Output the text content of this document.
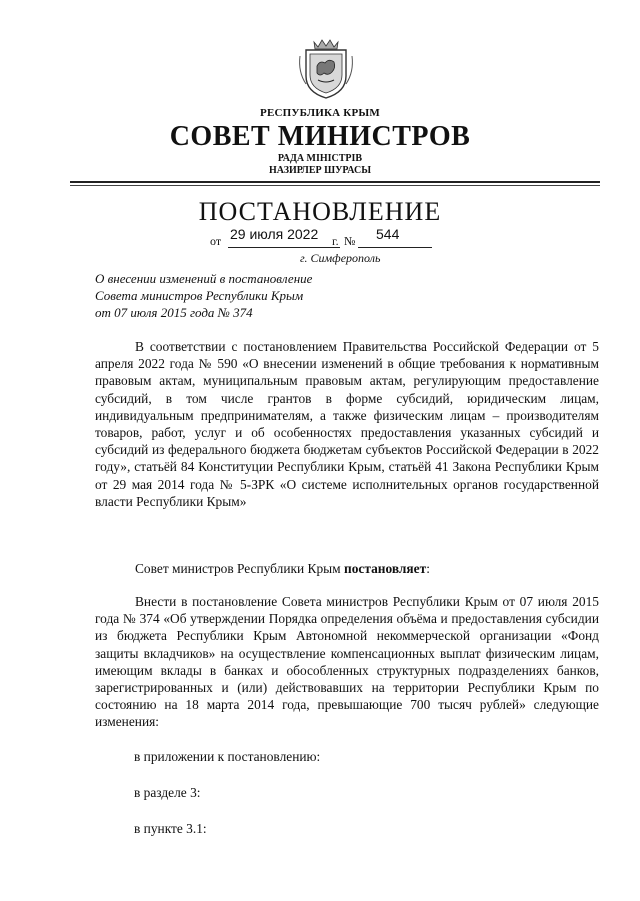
РЕСПУБЛИКА КРЫМ
СОВЕТ МИНИСТРОВ
РАДА МІНІСТРІВ
НАЗИРЛЕР ШУРАСЫ
ПОСТАНОВЛЕНИЕ
от 29 июля 2022 г. № 544
г. Симферополь
О внесении изменений в постановление
Совета министров Республики Крым
от 07 июля 2015 года № 374
В соответствии с постановлением Правительства Российской Федерации от 5 апреля 2022 года № 590 «О внесении изменений в общие требования к нормативным правовым актам, муниципальным правовым актам, регулирующим предоставление субсидий, в том числе грантов в форме субсидий, юридическим лицам, индивидуальным предпринимателям, а также физическим лицам – производителям товаров, работ, услуг и об особенностях предоставления указанных субсидий и субсидий из федерального бюджета бюджетам субъектов Российской Федерации в 2022 году», статьёй 84 Конституции Республики Крым, статьёй 41 Закона Республики Крым от 29 мая 2014 года № 5-ЗРК «О системе исполнительных органов государственной власти Республики Крым»
Совет министров Республики Крым постановляет:
Внести в постановление Совета министров Республики Крым от 07 июля 2015 года № 374 «Об утверждении Порядка определения объёма и предоставления субсидии из бюджета Республики Крым Автономной некоммерческой организации «Фонд защиты вкладчиков» на осуществление компенсационных выплат физическим лицам, имеющим вклады в банках и обособленных структурных подразделениях банков, зарегистрированных и (или) действовавших на территории Республики Крым по состоянию на 18 марта 2014 года, превышающие 700 тысяч рублей» следующие изменения:
в приложении к постановлению:
в разделе 3:
в пункте 3.1:
